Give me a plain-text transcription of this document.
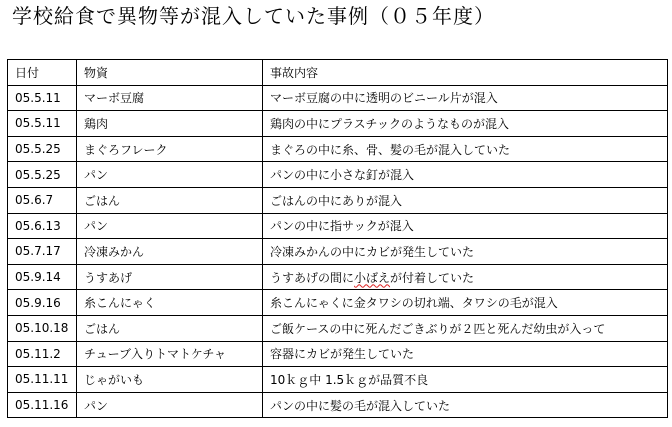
学校給食で異物等が混入していた事例（０５年度）
日付	物資	事故内容
05.5.11	マーボ豆腐	マーボ豆腐の中に透明のビニール片が混入
05.5.11	鶏肉	鶏肉の中にプラスチックのようなものが混入
05.5.25	まぐろフレーク	まぐろの中に糸、骨、髪の毛が混入していた
05.5.25	パン	パンの中に小さな釘が混入
05.6.7	ごはん	ごはんの中にありが混入
05.6.13	パン	パンの中に指サックが混入
05.7.17	冷凍みかん	冷凍みかんの中にカビが発生していた
05.9.14	うすあげ	うすあげの間に小ばえが付着していた
05.9.16	糸こんにゃく	糸こんにゃくに金タワシの切れ端、タワシの毛が混入
05.10.18	ごはん	ご飯ケースの中に死んだごきぶりが２匹と死んだ幼虫が入って
05.11.2	チューブ入りトマトケチャ	容器にカビが発生していた
05.11.11	じゃがいも	10ｋｇ中 1.5ｋｇが品質不良
05.11.16	パン	パンの中に髪の毛が混入していた
